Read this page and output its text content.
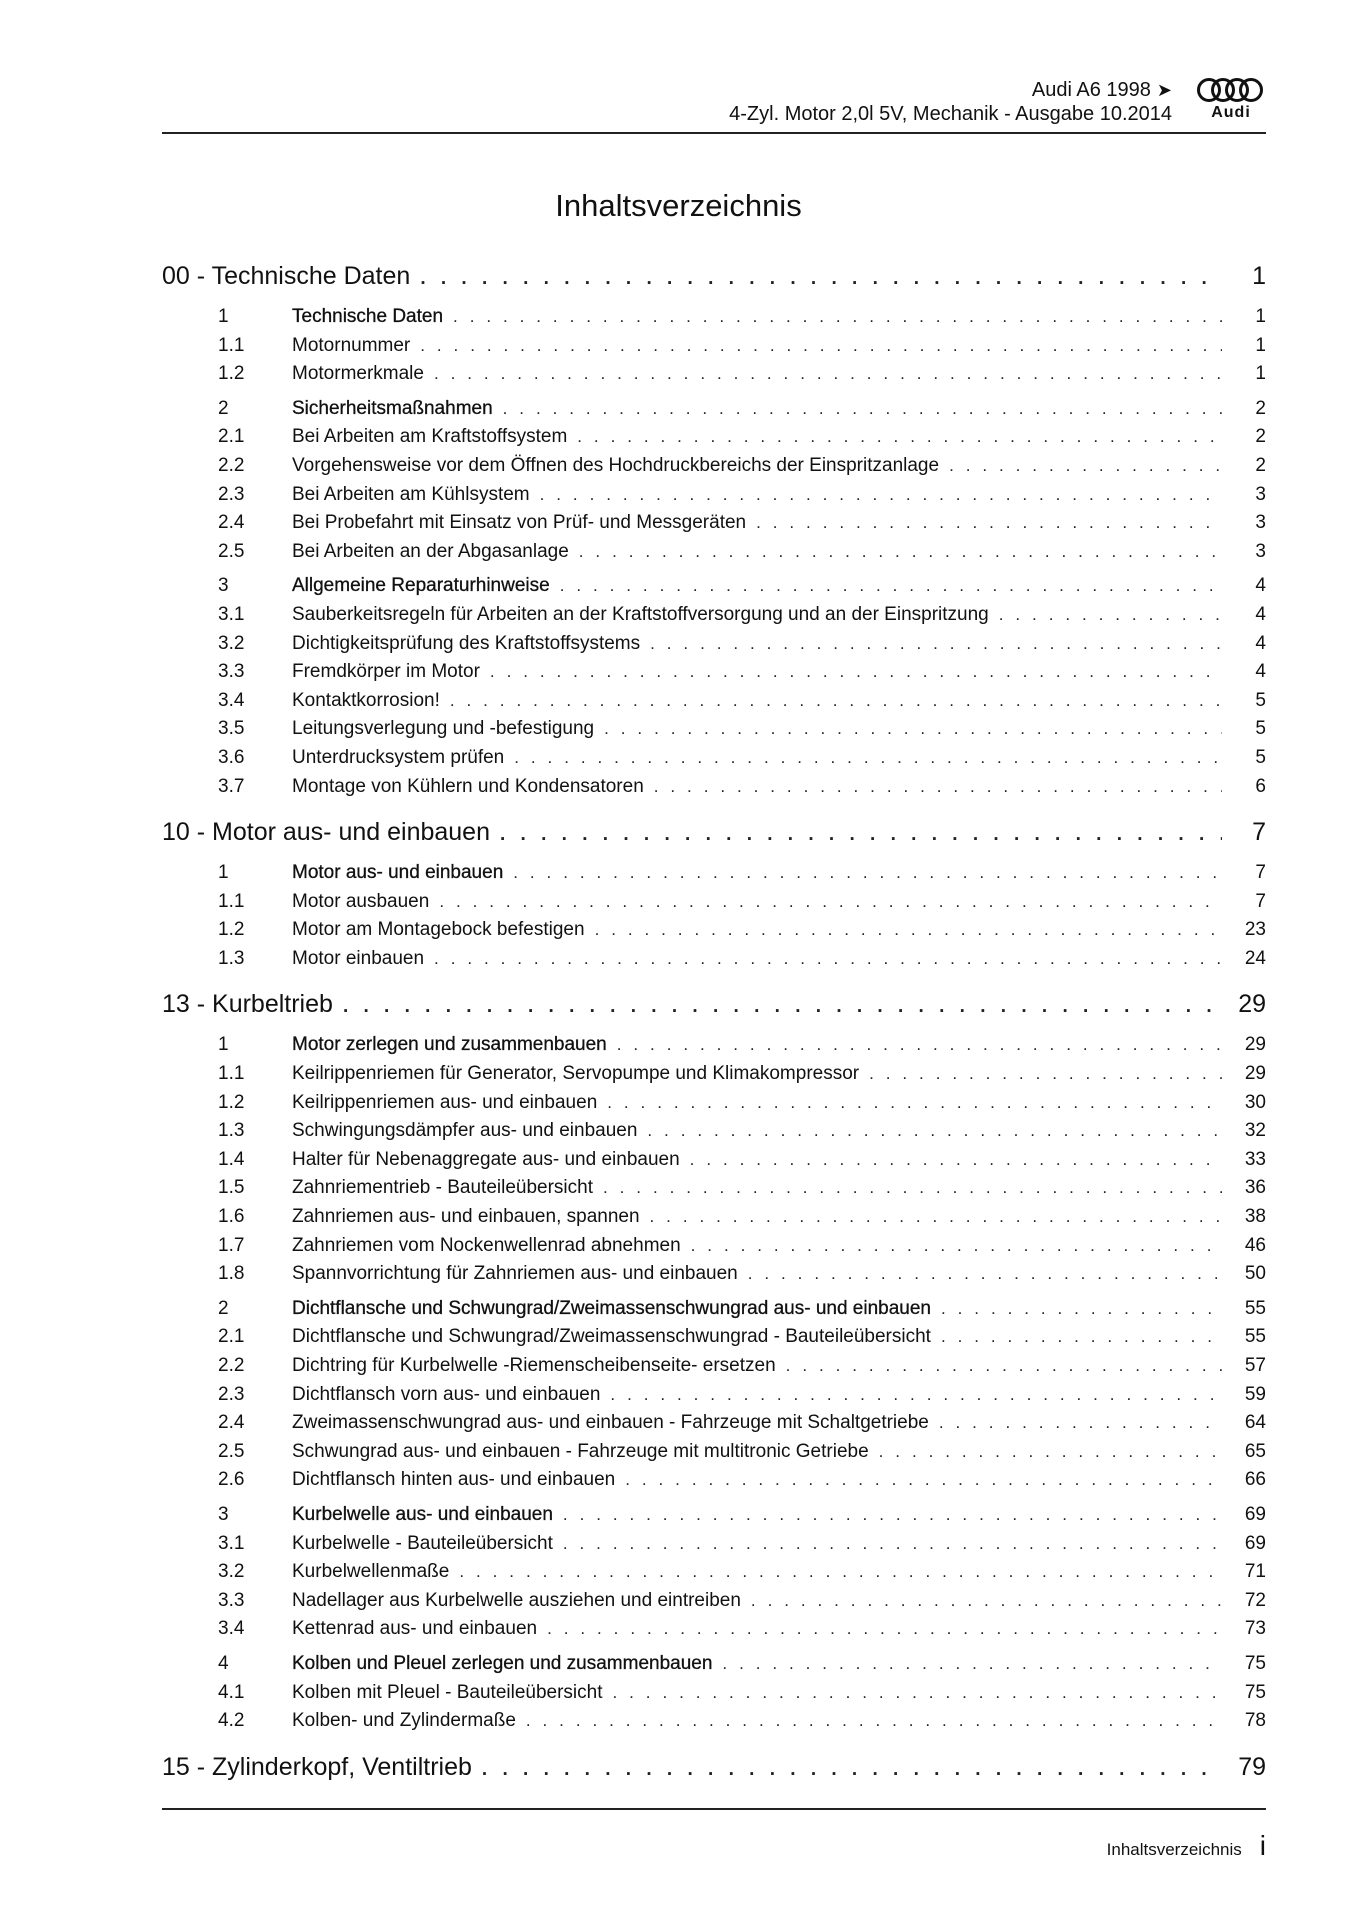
Audi A6 1998 ➤
4-Zyl. Motor 2,0l 5V, Mechanik - Ausgabe 10.2014	Audi
Inhaltsverzeichnis
00 - Technische Daten . . .	1
1	Technische Daten . . .	1
1.1	Motornummer . . .	1
1.2	Motormerkmale . . .	1
2	Sicherheitsmaßnahmen . . .	2
2.1	Bei Arbeiten am Kraftstoffsystem . . .	2
2.2	Vorgehensweise vor dem Öffnen des Hochdruckbereichs der Einspritzanlage . . .	2
2.3	Bei Arbeiten am Kühlsystem . . .	3
2.4	Bei Probefahrt mit Einsatz von Prüf- und Messgeräten . . .	3
2.5	Bei Arbeiten an der Abgasanlage . . .	3
3	Allgemeine Reparaturhinweise . . .	4
3.1	Sauberkeitsregeln für Arbeiten an der Kraftstoffversorgung und an der Einspritzung . . .	4
3.2	Dichtigkeitsprüfung des Kraftstoffsystems . . .	4
3.3	Fremdkörper im Motor . . .	4
3.4	Kontaktkorrosion! . . .	5
3.5	Leitungsverlegung und -befestigung . . .	5
3.6	Unterdrucksystem prüfen . . .	5
3.7	Montage von Kühlern und Kondensatoren . . .	6
10 - Motor aus- und einbauen . . .	7
1	Motor aus- und einbauen . . .	7
1.1	Motor ausbauen . . .	7
1.2	Motor am Montagebock befestigen . . .	23
1.3	Motor einbauen . . .	24
13 - Kurbeltrieb . . .	29
1	Motor zerlegen und zusammenbauen . . .	29
1.1	Keilrippenriemen für Generator, Servopumpe und Klimakompressor . . .	29
1.2	Keilrippenriemen aus- und einbauen . . .	30
1.3	Schwingungsdämpfer aus- und einbauen . . .	32
1.4	Halter für Nebenaggregate aus- und einbauen . . .	33
1.5	Zahnriementrieb - Bauteileübersicht . . .	36
1.6	Zahnriemen aus- und einbauen, spannen . . .	38
1.7	Zahnriemen vom Nockenwellenrad abnehmen . . .	46
1.8	Spannvorrichtung für Zahnriemen aus- und einbauen . . .	50
2	Dichtflansche und Schwungrad/Zweimassenschwungrad aus- und einbauen . . .	55
2.1	Dichtflansche und Schwungrad/Zweimassenschwungrad - Bauteileübersicht . . .	55
2.2	Dichtring für Kurbelwelle -Riemenscheibenseite- ersetzen . . .	57
2.3	Dichtflansch vorn aus- und einbauen . . .	59
2.4	Zweimassenschwungrad aus- und einbauen - Fahrzeuge mit Schaltgetriebe . . .	64
2.5	Schwungrad aus- und einbauen - Fahrzeuge mit multitronic Getriebe . . .	65
2.6	Dichtflansch hinten aus- und einbauen . . .	66
3	Kurbelwelle aus- und einbauen . . .	69
3.1	Kurbelwelle - Bauteileübersicht . . .	69
3.2	Kurbelwellenmaße . . .	71
3.3	Nadellager aus Kurbelwelle ausziehen und eintreiben . . .	72
3.4	Kettenrad aus- und einbauen . . .	73
4	Kolben und Pleuel zerlegen und zusammenbauen . . .	75
4.1	Kolben mit Pleuel - Bauteileübersicht . . .	75
4.2	Kolben- und Zylindermaße . . .	78
15 - Zylinderkopf, Ventiltrieb . . .	79
Inhaltsverzeichnis i
